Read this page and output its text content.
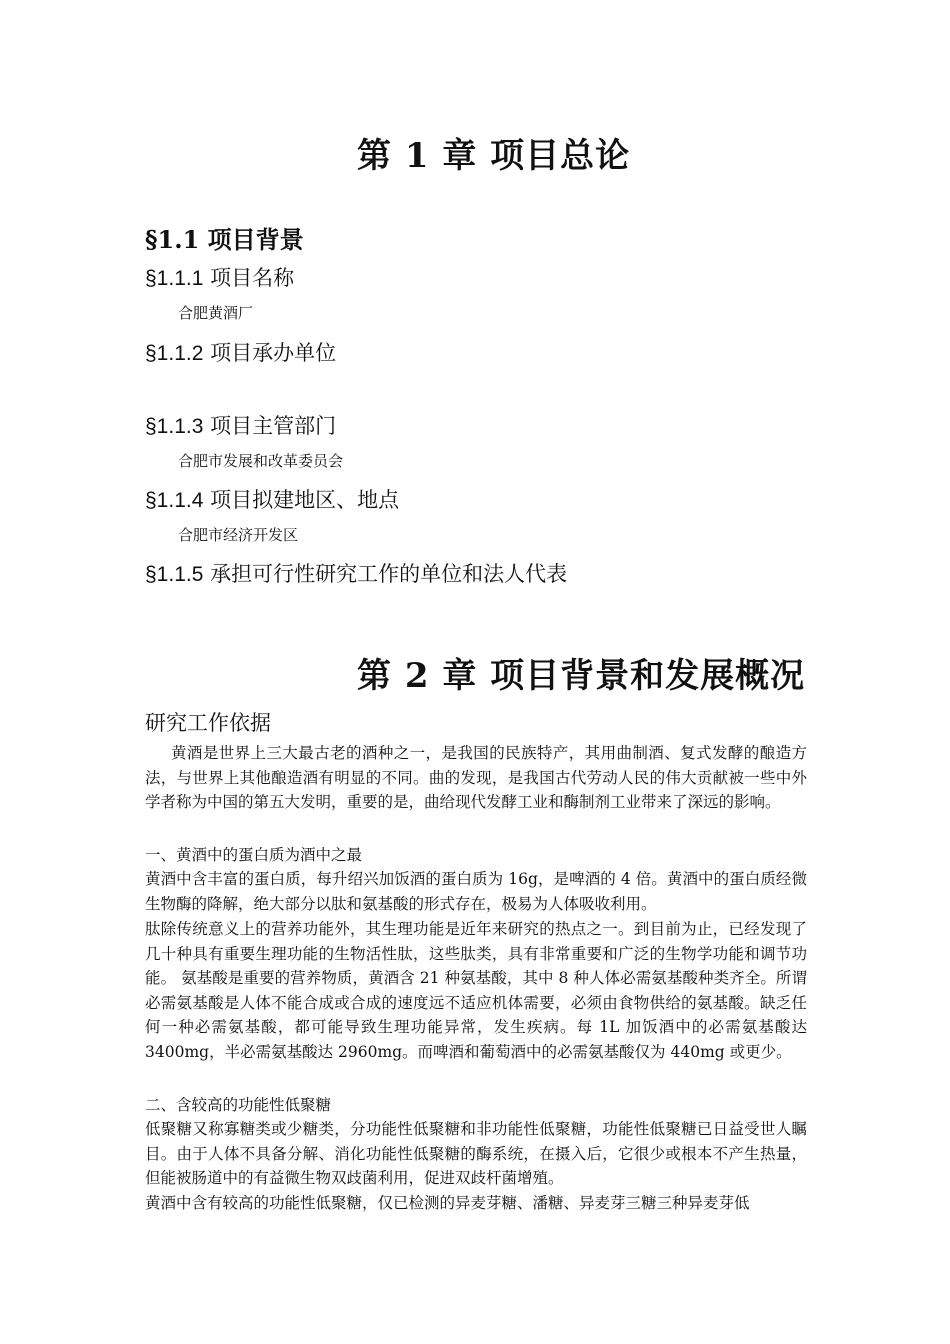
第 1 章 项目总论
§1.1 项目背景
§1.1.1 项目名称

合肥黄酒厂

§1.1.2 项目承办单位
§1.1.3 项目主管部门

合肥市发展和改革委员会

§1.1.4 项目拟建地区、地点

合肥市经济开发区

§1.1.5 承担可行性研究工作的单位和法人代表
第 2 章 项目背景和发展概况
研究工作依据

黄酒是世界上三大最古老的酒种之一，是我国的民族特产，其用曲制酒、复式发酵的酿造方法，与世界上其他酿造酒有明显的不同。曲的发现，是我国古代劳动人民的伟大贡献被一些中外学者称为中国的第五大发明，重要的是，曲给现代发酵工业和酶制剂工业带来了深远的影响。

一、黄酒中的蛋白质为酒中之最

黄酒中含丰富的蛋白质，每升绍兴加饭酒的蛋白质为 16g，是啤酒的 4 倍。黄酒中的蛋白质经微生物酶的降解，绝大部分以肽和氨基酸的形式存在，极易为人体吸收利用。

肽除传统意义上的营养功能外，其生理功能是近年来研究的热点之一。到目前为止，已经发现了几十种具有重要生理功能的生物活性肽，这些肽类，具有非常重要和广泛的生物学功能和调节功能。 氨基酸是重要的营养物质，黄酒含 21 种氨基酸，其中 8 种人体必需氨基酸种类齐全。所谓必需氨基酸是人体不能合成或合成的速度远不适应机体需要，必须由食物供给的氨基酸。缺乏任何一种必需氨基酸，都可能导致生理功能异常，发生疾病。每 1L 加饭酒中的必需氨基酸达 3400mg，半必需氨基酸达 2960mg。而啤酒和葡萄酒中的必需氨基酸仅为 440mg 或更少。

二、含较高的功能性低聚糖

低聚糖又称寡糖类或少糖类，分功能性低聚糖和非功能性低聚糖，功能性低聚糖已日益受世人瞩目。由于人体不具备分解、消化功能性低聚糖的酶系统，在摄入后，它很少或根本不产生热量，但能被肠道中的有益微生物双歧菌利用，促进双歧杆菌增殖。

黄酒中含有较高的功能性低聚糖，仅已检测的异麦芽糖、潘糖、异麦芽三糖三种异麦芽低
